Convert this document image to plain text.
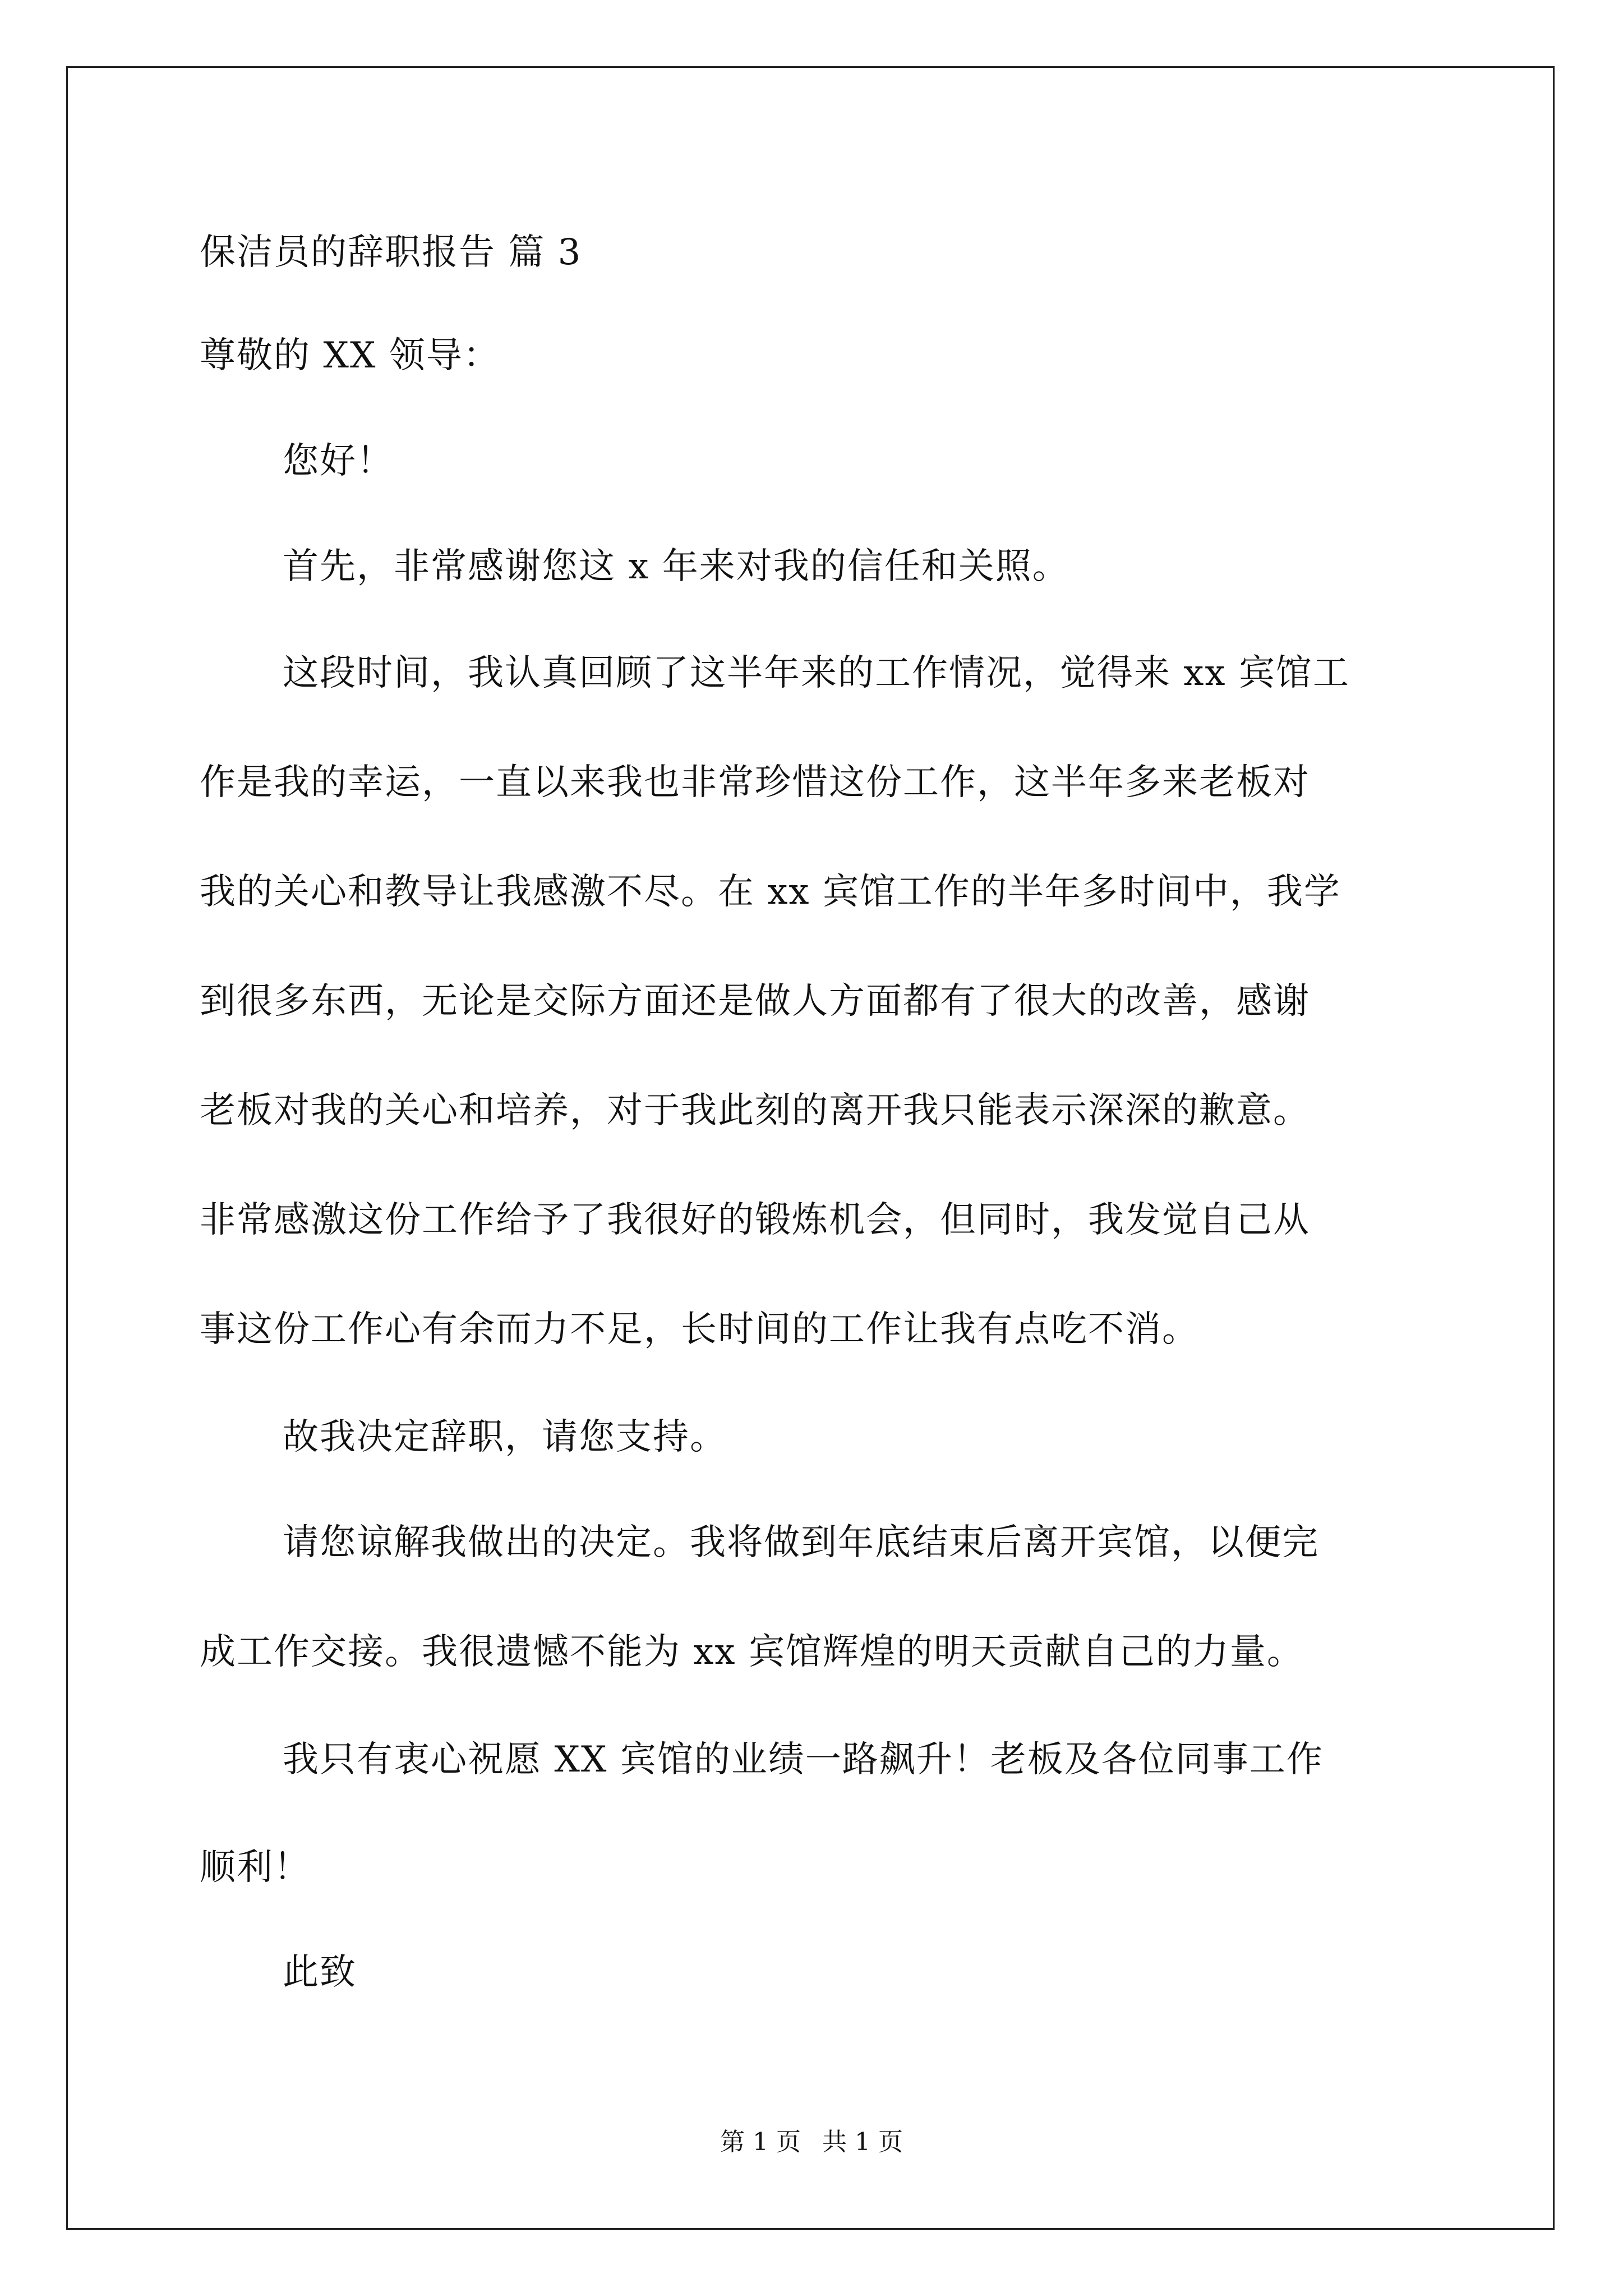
保洁员的辞职报告 篇 3
尊敬的 XX 领导：
您好！
首先，非常感谢您这 x 年来对我的信任和关照。
这段时间，我认真回顾了这半年来的工作情况，觉得来 xx 宾馆工
作是我的幸运，一直以来我也非常珍惜这份工作，这半年多来老板对
我的关心和教导让我感激不尽。在 xx 宾馆工作的半年多时间中，我学
到很多东西，无论是交际方面还是做人方面都有了很大的改善，感谢
老板对我的关心和培养，对于我此刻的离开我只能表示深深的歉意。
非常感激这份工作给予了我很好的锻炼机会，但同时，我发觉自己从
事这份工作心有余而力不足，长时间的工作让我有点吃不消。
故我决定辞职，请您支持。
请您谅解我做出的决定。我将做到年底结束后离开宾馆，以便完
成工作交接。我很遗憾不能为 xx 宾馆辉煌的明天贡献自己的力量。
我只有衷心祝愿 XX 宾馆的业绩一路飙升！老板及各位同事工作
顺利！
此致
第 1 页 共 1 页
